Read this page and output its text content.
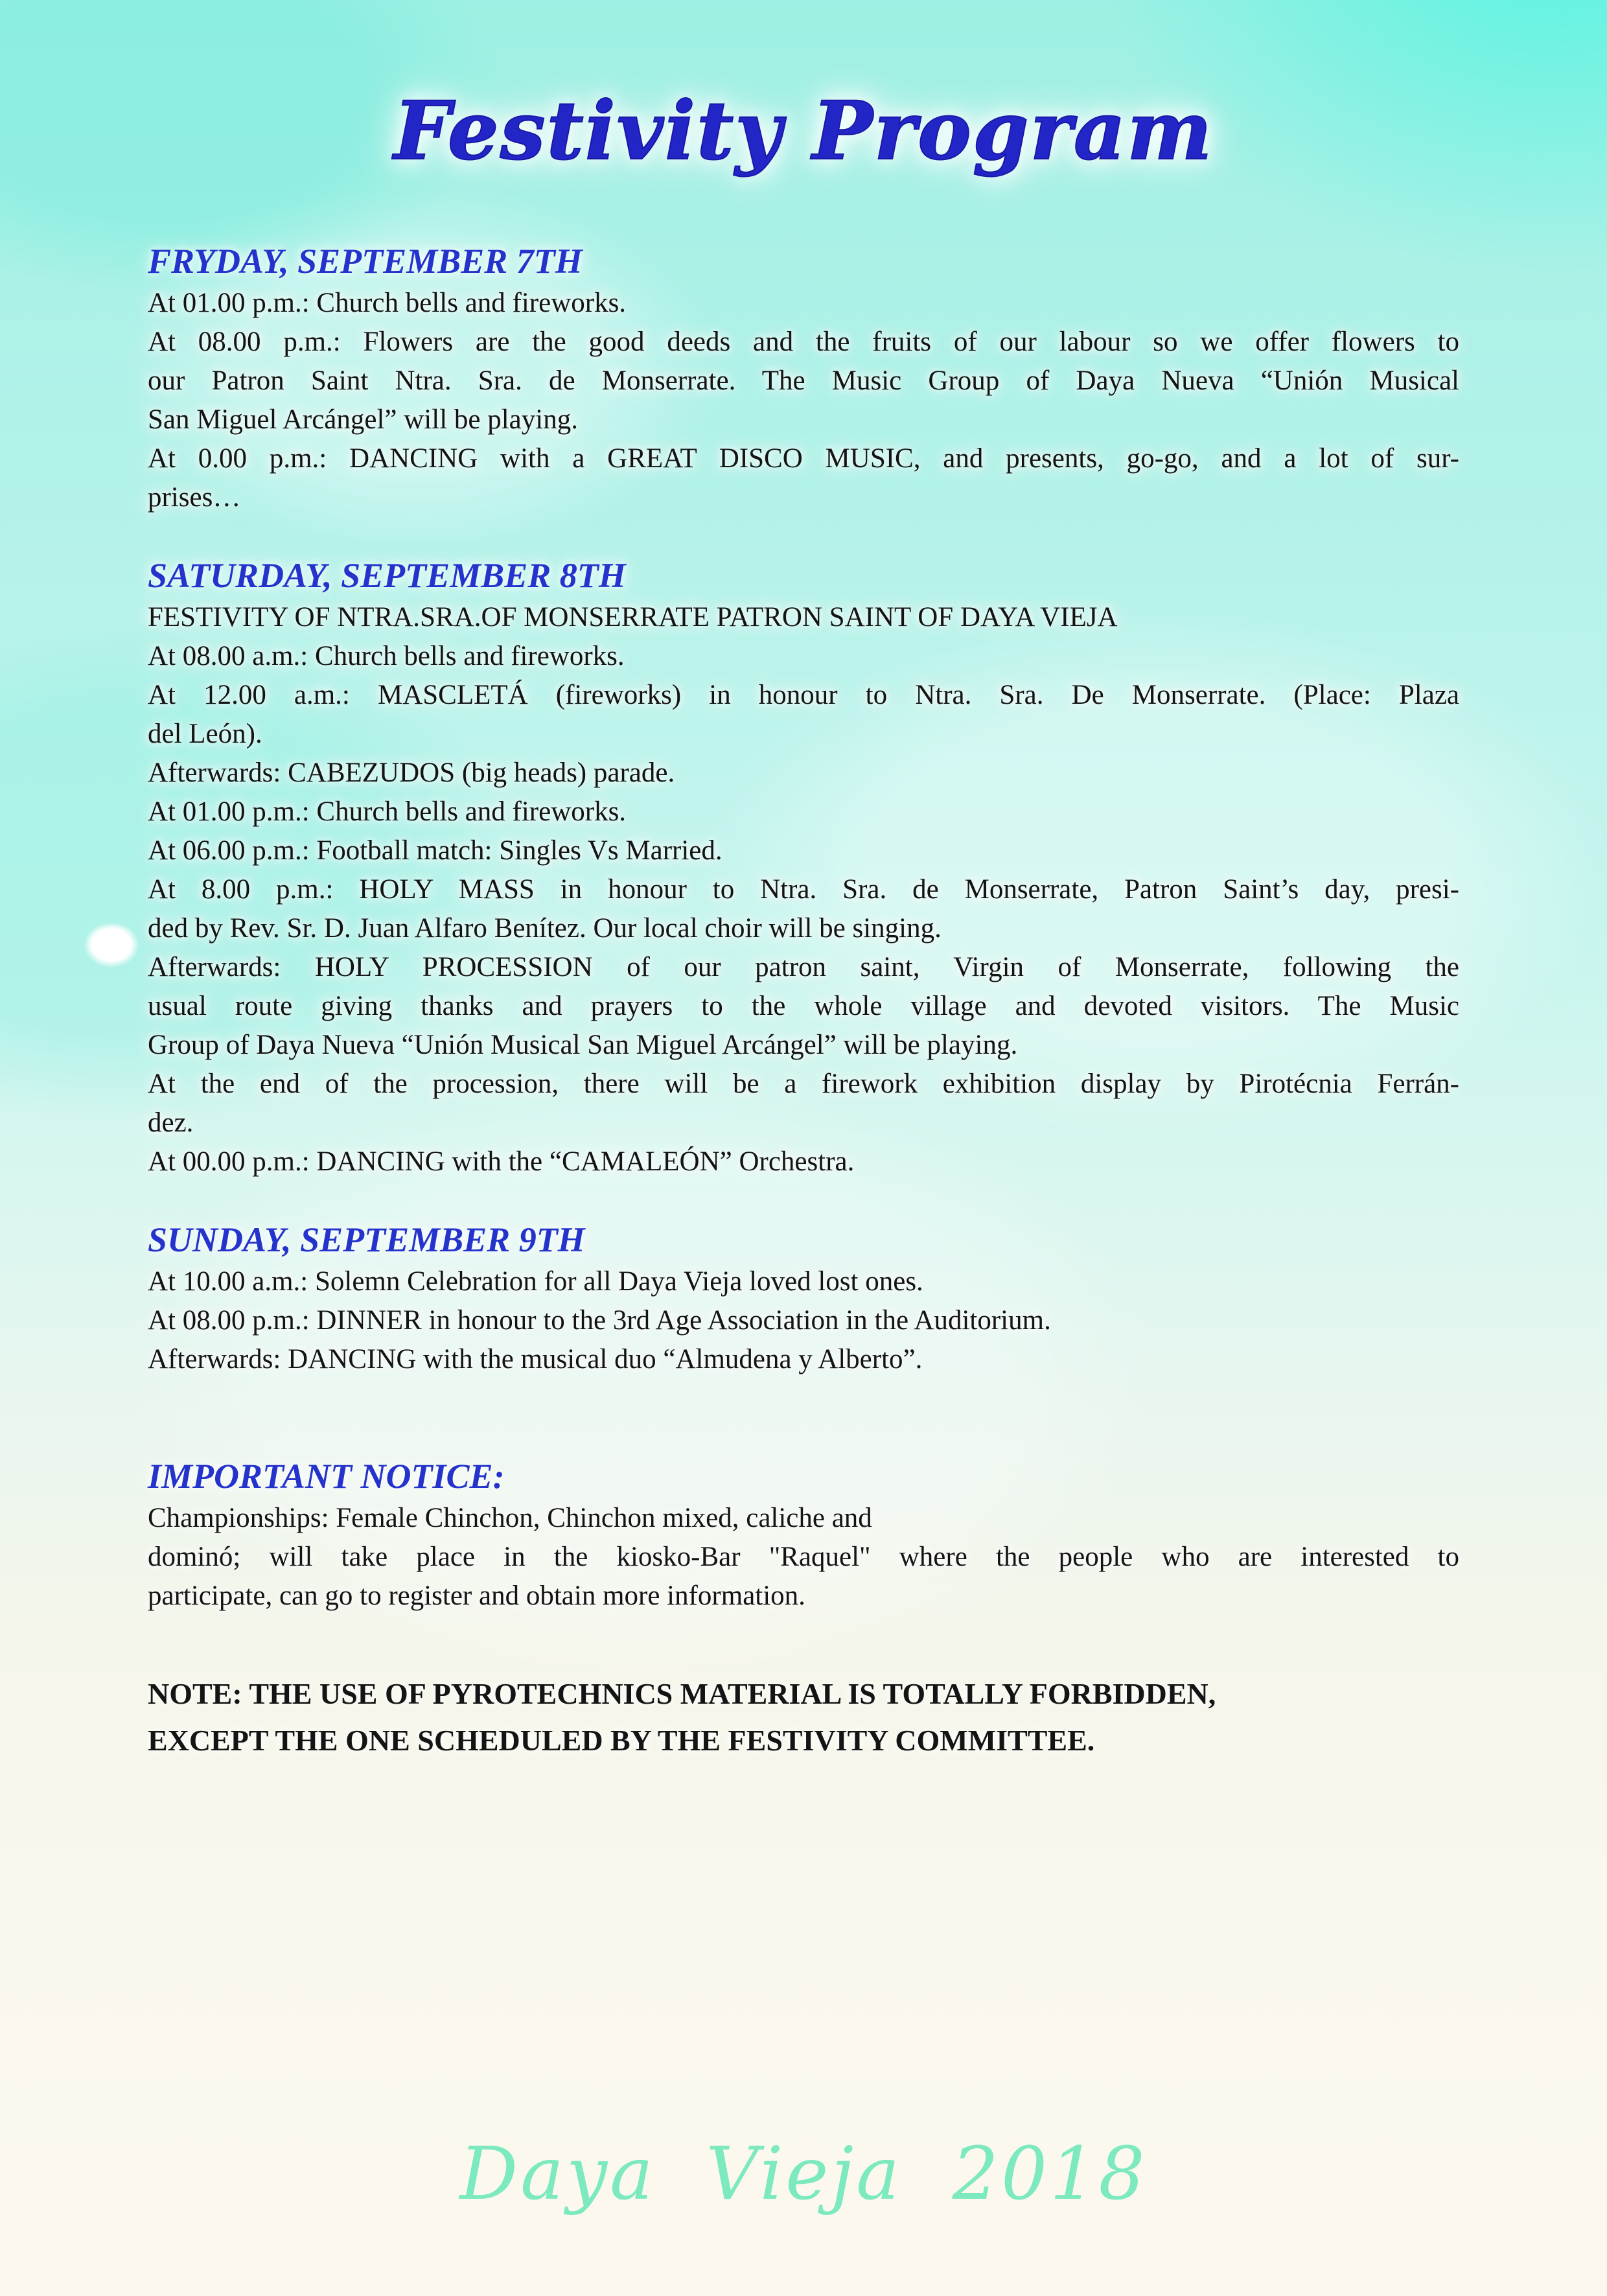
Festivity Program
FRYDAY, SEPTEMBER 7TH
At 01.00 p.m.: Church bells and fireworks.
At 08.00 p.m.: Flowers are the good deeds and the fruits of our labour so we offer flowers to
our Patron Saint Ntra. Sra. de Monserrate. The Music Group of Daya Nueva “Unión Musical
San Miguel Arcángel” will be playing.
At 0.00 p.m.: DANCING with a GREAT DISCO MUSIC, and presents, go-go, and a lot of sur-
prises…
SATURDAY, SEPTEMBER 8TH
FESTIVITY OF NTRA.SRA.OF MONSERRATE PATRON SAINT OF DAYA VIEJA
At 08.00 a.m.: Church bells and fireworks.
At 12.00 a.m.: MASCLETÁ (fireworks) in honour to Ntra. Sra. De Monserrate. (Place: Plaza
del León).
Afterwards: CABEZUDOS (big heads) parade.
At 01.00 p.m.: Church bells and fireworks.
At 06.00 p.m.: Football match: Singles Vs Married.
At 8.00 p.m.: HOLY MASS in honour to Ntra. Sra. de Monserrate, Patron Saint’s day, presi-
ded by Rev. Sr. D. Juan Alfaro Benítez. Our local choir will be singing.
Afterwards: HOLY PROCESSION of our patron saint, Virgin of Monserrate, following the
usual route giving thanks and prayers to the whole village and devoted visitors. The Music
Group of Daya Nueva “Unión Musical San Miguel Arcángel” will be playing.
At the end of the procession, there will be a firework exhibition display by Pirotécnia Ferrán-
dez.
At 00.00 p.m.: DANCING with the “CAMALEÓN” Orchestra.
SUNDAY, SEPTEMBER 9TH
At 10.00 a.m.: Solemn Celebration for all Daya Vieja loved lost ones.
At 08.00 p.m.: DINNER in honour to the 3rd Age Association in the Auditorium.
Afterwards: DANCING with the musical duo “Almudena y Alberto”.
IMPORTANT NOTICE:
Championships: Female Chinchon, Chinchon mixed, caliche and
dominó; will take place in the kiosko-Bar "Raquel" where the people who are interested to
participate, can go to register and obtain more information.
NOTE: THE USE OF PYROTECHNICS MATERIAL IS TOTALLY FORBIDDEN,
EXCEPT THE ONE SCHEDULED BY THE FESTIVITY COMMITTEE.
Daya Vieja 2018
